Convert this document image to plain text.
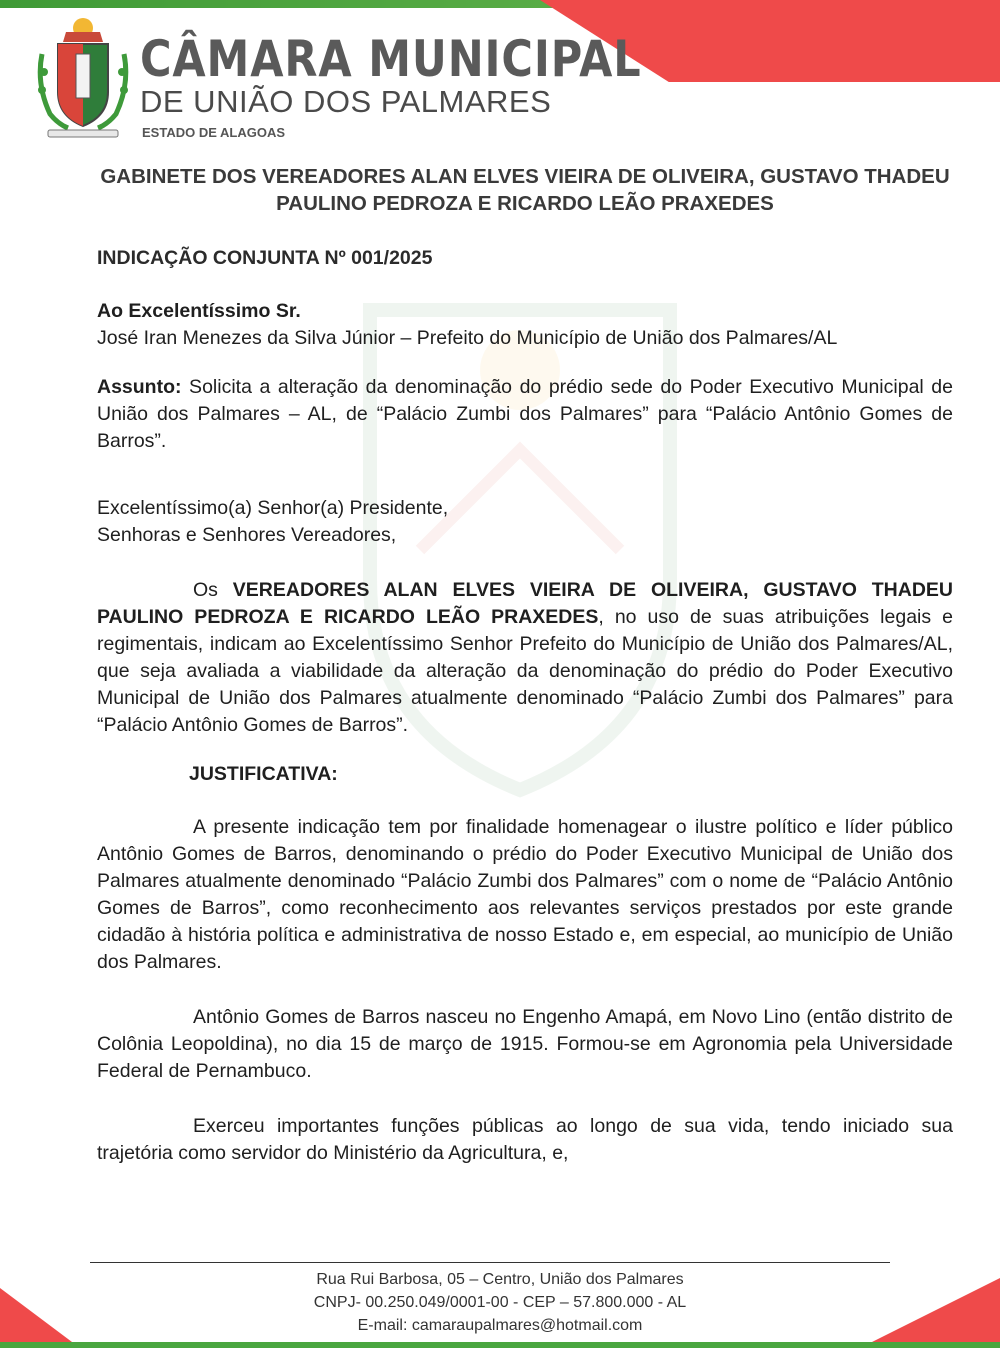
CÂMARA MUNICIPAL
DE UNIÃO DOS PALMARES
ESTADO DE ALAGOAS
GABINETE DOS VEREADORES ALAN ELVES VIEIRA DE OLIVEIRA, GUSTAVO THADEU PAULINO PEDROZA E RICARDO LEÃO PRAXEDES
INDICAÇÃO CONJUNTA Nº 001/2025

Ao Excelentíssimo Sr.

José Iran Menezes da Silva Júnior – Prefeito do Município de União dos Palmares/AL

Assunto: Solicita a alteração da denominação do prédio sede do Poder Executivo Municipal de União dos Palmares – AL, de “Palácio Zumbi dos Palmares” para “Palácio Antônio Gomes de Barros”.

Excelentíssimo(a) Senhor(a) Presidente,

Senhoras e Senhores Vereadores,

Os VEREADORES ALAN ELVES VIEIRA DE OLIVEIRA, GUSTAVO THADEU PAULINO PEDROZA E RICARDO LEÃO PRAXEDES, no uso de suas atribuições legais e regimentais, indicam ao Excelentíssimo Senhor Prefeito do Município de União dos Palmares/AL, que seja avaliada a viabilidade da alteração da denominação do prédio do Poder Executivo Municipal de União dos Palmares atualmente denominado “Palácio Zumbi dos Palmares” para “Palácio Antônio Gomes de Barros”.

JUSTIFICATIVA:

A presente indicação tem por finalidade homenagear o ilustre político e líder público Antônio Gomes de Barros, denominando o prédio do Poder Executivo Municipal de União dos Palmares atualmente denominado “Palácio Zumbi dos Palmares” com o nome de “Palácio Antônio Gomes de Barros”, como reconhecimento aos relevantes serviços prestados por este grande cidadão à história política e administrativa de nosso Estado e, em especial, ao município de União dos Palmares.

Antônio Gomes de Barros nasceu no Engenho Amapá, em Novo Lino (então distrito de Colônia Leopoldina), no dia 15 de março de 1915. Formou-se em Agronomia pela Universidade Federal de Pernambuco.

Exerceu importantes funções públicas ao longo de sua vida, tendo iniciado sua trajetória como servidor do Ministério da Agricultura, e,

Rua Rui Barbosa, 05 – Centro, União dos Palmares
CNPJ- 00.250.049/0001-00 - CEP – 57.800.000 - AL
E-mail: camaraupalmares@hotmail.com
